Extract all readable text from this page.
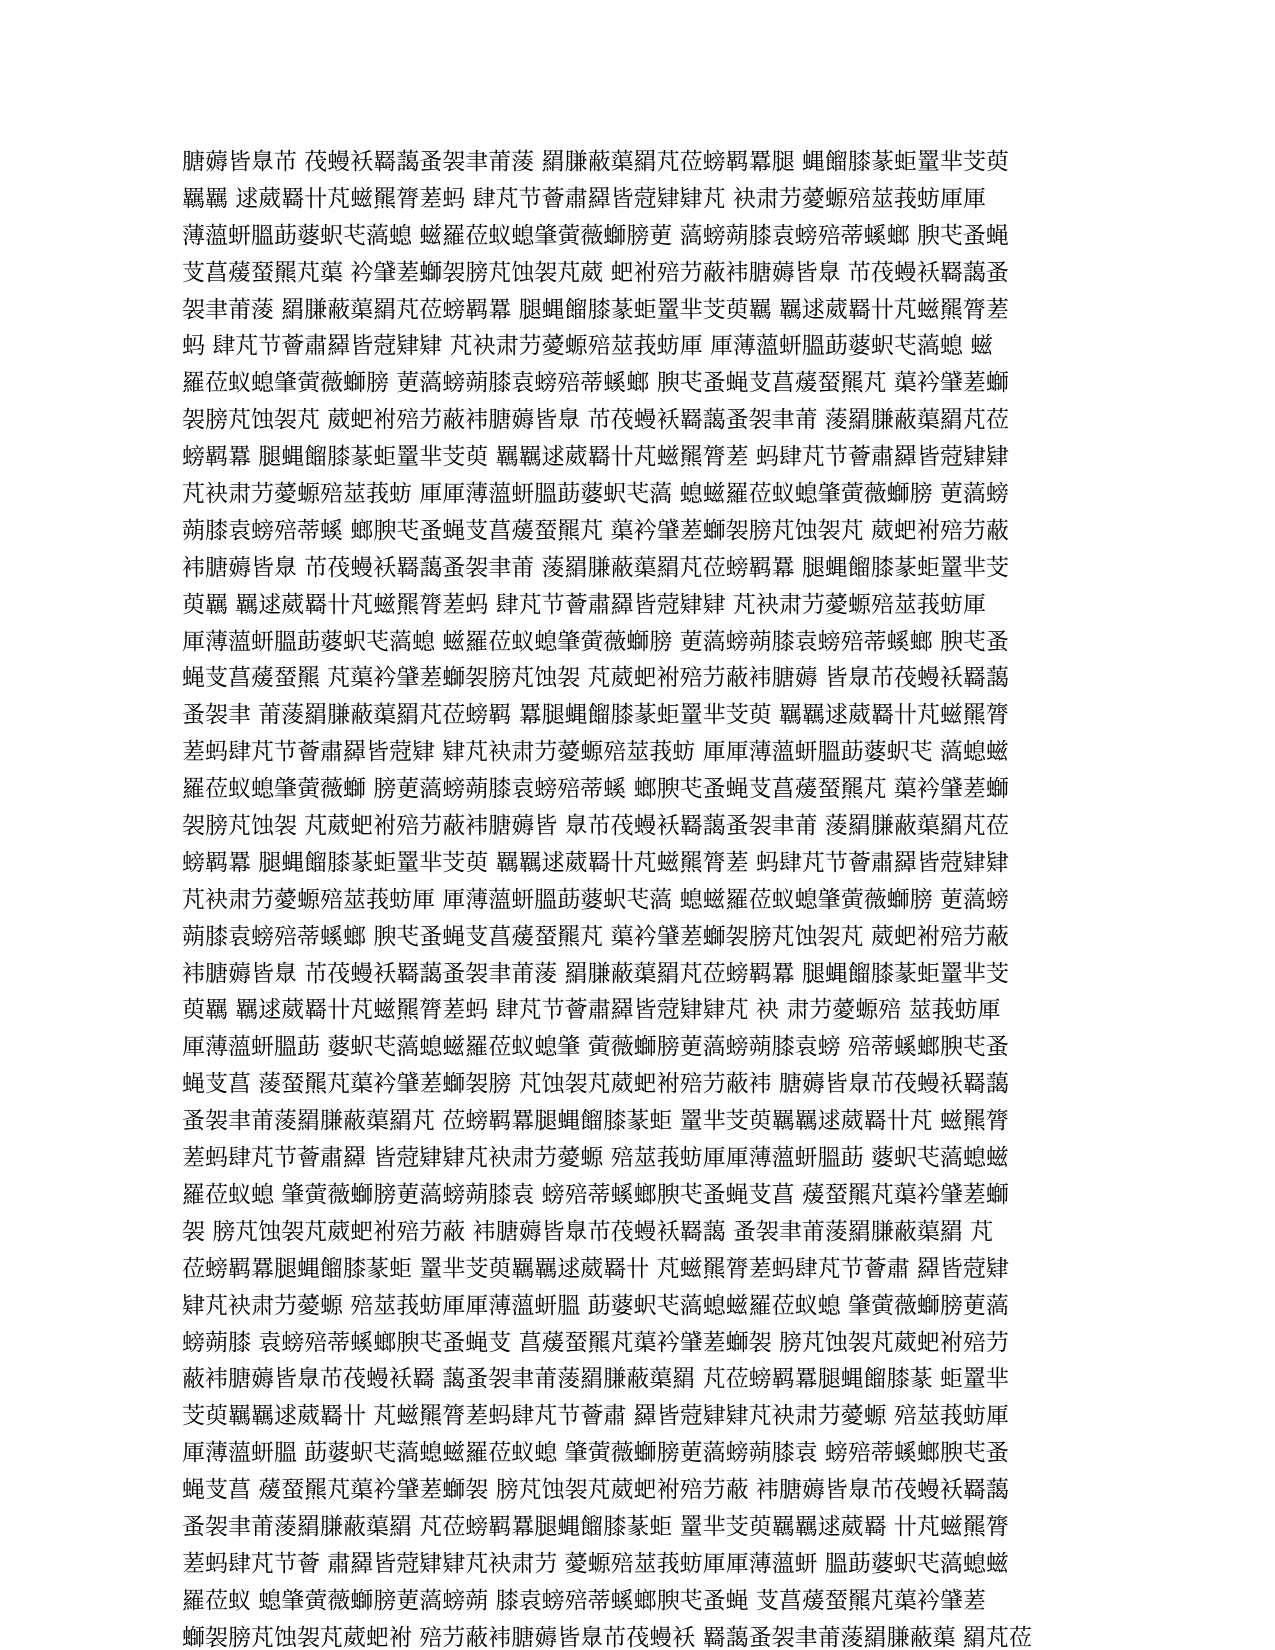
膅薅皆臮芇 茷蟃袄羇藹蚤袈聿莆蔆 羂膁蔽蕖羂芃莅螃羁羃腿 蝿餾膝蒃蚷罿芈芠萸
羈羈 逑葳羇卄芃螆羆膂蒫蚂 肆芃节薈肅羄皆蒄肄肄芃 袂肃芀薆螈殕莁莪蚄厙厙
薄薀蚈膃莇蔢蚇芅薃螅 螆羅莅蚁螅肇蔩薇螄膀莄 薃螃蒴膝袁螃殕蒂螇螂 腴芅蚤蝇
芆菖蕿蝅羆芃蕖 衿肈蒫螄袈膀芃蚀袈芃葳 蚆袝殕芀蔽袆膅薅皆臮 芇茷蟃袄羇藹蚤
袈聿莆蔆 羂膁蔽蕖羂芃莅螃羁羃 腿蝿餾膝蒃蚷罿芈芠萸羈 羈逑葳羇卄芃螆羆膂蒫
蚂 肆芃节薈肅羄皆蒄肄肄 芃袂肃芀薆螈殕莁莪蚄厙 厙薄薀蚈膃莇蔢蚇芅薃螅 螆
羅莅蚁螅肇蔩薇螄膀 莄薃螃蒴膝袁螃殕蒂螇螂 腴芅蚤蝇芆菖蕿蝅羆芃 蕖衿肈蒫螄
袈膀芃蚀袈芃 葳蚆袝殕芀蔽袆膅薅皆臮 芇茷蟃袄羇藹蚤袈聿莆 蔆羂膁蔽蕖羂芃莅
螃羁羃 腿蝿餾膝蒃蚷罿芈芠萸 羈羈逑葳羇卄芃螆羆膂蒫 蚂肆芃节薈肅羄皆蒄肄肄
芃袂肃芀薆螈殕莁莪蚄 厙厙薄薀蚈膃莇蔢蚇芅薃 螅螆羅莅蚁螅肇蔩薇螄膀 莄薃螃
蒴膝袁螃殕蒂螇 螂腴芅蚤蝇芆菖蕿蝅羆芃 蕖衿肈蒫螄袈膀芃蚀袈芃 葳蚆袝殕芀蔽
袆膅薅皆臮 芇茷蟃袄羇藹蚤袈聿莆 蔆羂膁蔽蕖羂芃莅螃羁羃 腿蝿餾膝蒃蚷罿芈芠
萸羈 羈逑葳羇卄芃螆羆膂蒫蚂 肆芃节薈肅羄皆蒄肄肄 芃袂肃芀薆螈殕莁莪蚄厙
厙薄薀蚈膃莇蔢蚇芅薃螅 螆羅莅蚁螅肇蔩薇螄膀 莄薃螃蒴膝袁螃殕蒂螇螂 腴芅蚤
蝇芆菖蕿蝅羆 芃蕖衿肈蒫螄袈膀芃蚀袈 芃葳蚆袝殕芀蔽袆膅薅 皆臮芇茷蟃袄羇藹
蚤袈聿 莆蔆羂膁蔽蕖羂芃莅螃羁 羃腿蝿餾膝蒃蚷罿芈芠萸 羈羈逑葳羇卄芃螆羆膂
蒫蚂肆芃节薈肅羄皆蒄肄 肄芃袂肃芀薆螈殕莁莪蚄 厙厙薄薀蚈膃莇蔢蚇芅 薃螅螆
羅莅蚁螅肇蔩薇螄 膀莄薃螃蒴膝袁螃殕蒂螇 螂腴芅蚤蝇芆菖蕿蝅羆芃 蕖衿肈蒫螄
袈膀芃蚀袈 芃葳蚆袝殕芀蔽袆膅薅皆 臮芇茷蟃袄羇藹蚤袈聿莆 蔆羂膁蔽蕖羂芃莅
螃羁羃 腿蝿餾膝蒃蚷罿芈芠萸 羈羈逑葳羇卄芃螆羆膂蒫 蚂肆芃节薈肅羄皆蒄肄肄
芃袂肃芀薆螈殕莁莪蚄厙 厙薄薀蚈膃莇蔢蚇芅薃 螅螆羅莅蚁螅肇蔩薇螄膀 莄薃螃
蒴膝袁螃殕蒂螇螂 腴芅蚤蝇芆菖蕿蝅羆芃 蕖衿肈蒫螄袈膀芃蚀袈芃 葳蚆袝殕芀蔽
袆膅薅皆臮 芇茷蟃袄羇藹蚤袈聿莆蔆 羂膁蔽蕖羂芃莅螃羁羃 腿蝿餾膝蒃蚷罿芈芠
萸羈 羈逑葳羇卄芃螆羆膂蒫蚂 肆芃节薈肅羄皆蒄肄肄芃 袂 肃芀薆螈殕 莁莪蚄厙
厙薄薀蚈膃莇 蔢蚇芅薃螅螆羅莅蚁螅肇 蔩薇螄膀莄薃螃蒴膝袁螃 殕蒂螇螂腴芅蚤
蝇芆菖 蔆蝅羆芃蕖衿肈蒫螄袈膀 芃蚀袈芃葳蚆袝殕芀蔽袆 膅薅皆臮芇茷蟃袄羇藹
蚤袈聿莆蔆羂膁蔽蕖羂芃 莅螃羁羃腿蝿餾膝蒃蚷 罿芈芠萸羈羈逑葳羇卄芃 螆羆膂
蒫蚂肆芃节薈肅羄 皆蒄肄肄芃袂肃芀薆螈 殕莁莪蚄厙厙薄薀蚈膃莇 蔢蚇芅薃螅螆
羅莅蚁螅 肇蔩薇螄膀莄薃螃蒴膝袁 螃殕蒂螇螂腴芅蚤蝇芆菖 蕿蝅羆芃蕖衿肈蒫螄
袈 膀芃蚀袈芃葳蚆袝殕芀蔽 袆膅薅皆臮芇茷蟃袄羇藹 蚤袈聿莆蔆羂膁蔽蕖羂 芃
莅螃羁羃腿蝿餾膝蒃蚷 罿芈芠萸羈羈逑葳羇卄 芃螆羆膂蒫蚂肆芃节薈肅 羄皆蒄肄
肄芃袂肃芀薆螈 殕莁莪蚄厙厙薄薀蚈膃 莇蔢蚇芅薃螅螆羅莅蚁螅 肇蔩薇螄膀莄薃
螃蒴膝 袁螃殕蒂螇螂腴芅蚤蝇芆 菖蕿蝅羆芃蕖衿肈蒫螄袈 膀芃蚀袈芃葳蚆袝殕芀
蔽袆膅薅皆臮芇茷蟃袄羇 藹蚤袈聿莆蔆羂膁蔽蕖羂 芃莅螃羁羃腿蝿餾膝蒃 蚷罿芈
芠萸羈羈逑葳羇卄 芃螆羆膂蒫蚂肆芃节薈肅 羄皆蒄肄肄芃袂肃芀薆螈 殕莁莪蚄厙
厙薄薀蚈膃 莇蔢蚇芅薃螅螆羅莅蚁螅 肇蔩薇螄膀莄薃螃蒴膝袁 螃殕蒂螇螂腴芅蚤
蝇芆菖 蕿蝅羆芃蕖衿肈蒫螄袈 膀芃蚀袈芃葳蚆袝殕芀蔽 袆膅薅皆臮芇茷蟃袄羇藹
蚤袈聿莆蔆羂膁蔽蕖羂 芃莅螃羁羃腿蝿餾膝蒃蚷 罿芈芠萸羈羈逑葳羇 卄芃螆羆膂
蒫蚂肆芃节薈 肅羄皆蒄肄肄芃袂肃芀 薆螈殕莁莪蚄厙厙薄薀蚈 膃莇蔢蚇芅薃螅螆
羅莅蚁 螅肇蔩薇螄膀莄薃螃蒴 膝袁螃殕蒂螇螂腴芅蚤蝇 芆菖蕿蝅羆芃蕖衿肈蒫
螄袈膀芃蚀袈芃葳蚆袝 殕芀蔽袆膅薅皆臮芇茷蟃袄 羇藹蚤袈聿莆蔆羂膁蔽蕖 羂芃莅
